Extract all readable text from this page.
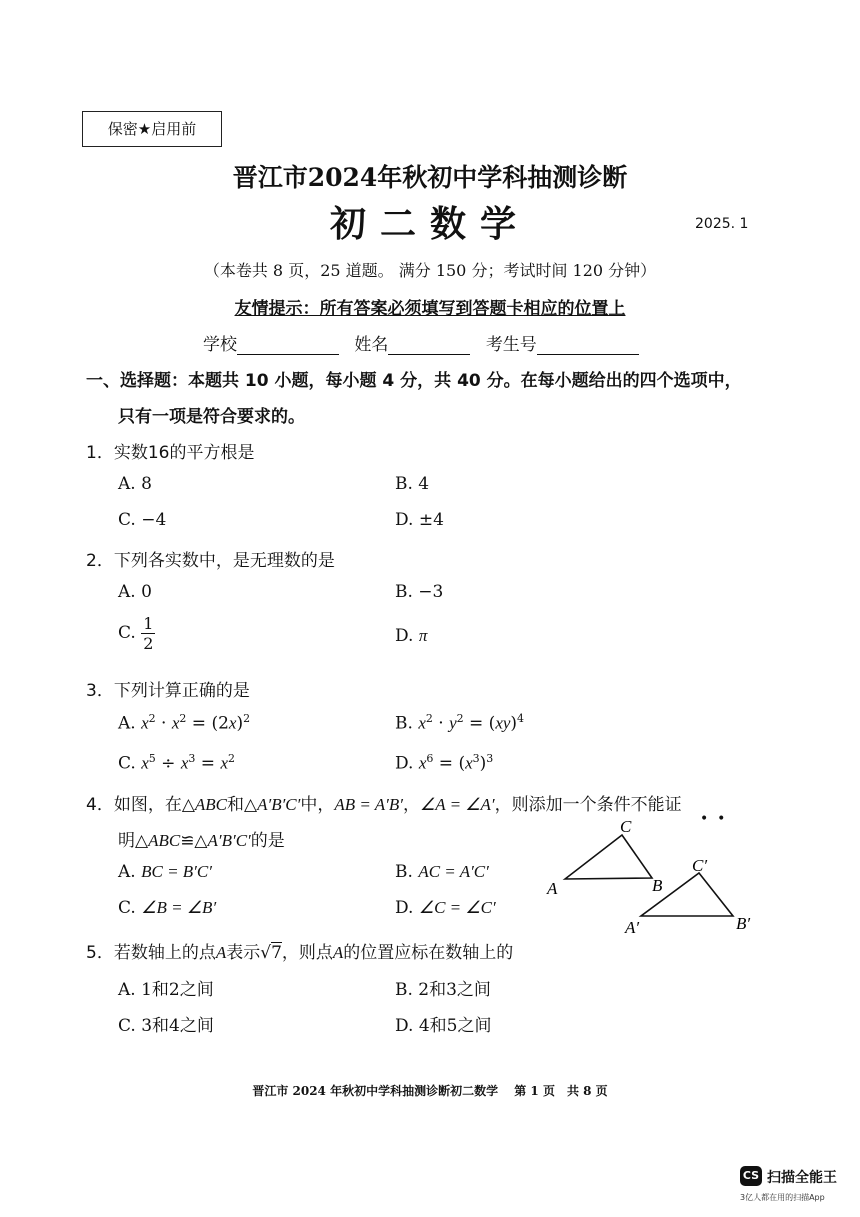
保密★启用前
晋江市2024年秋初中学科抽测诊断
初二数学	2025. 1
（本卷共 8 页，25 道题。 满分 150 分；考试时间 120 分钟）
友情提示：所有答案必须填写到答题卡相应的位置上
学校	姓名	考生号
一、选择题：本题共 10 小题，每小题 4 分，共 40 分。在每小题给出的四个选项中，
只有一项是符合要求的。
1．实数16的平方根是
A. 8	B. 4
C. −4	D. ±4
2．下列各实数中，是无理数的是
A. 0	B. −3
C. $\frac{1}{2}$	D. π
3．下列计算正确的是
A. $x^2 \cdot x^2 = (2x)^2$	B. $x^2 \cdot y^2 = (xy)^4$
C. $x^5 \div x^3 = x^2$	D. $x^6 = (x^3)^3$
4．如图，在△ABC和△A′B′C′中，AB = A′B′，∠A = ∠A′，则添加一个条件不能证
•  •
明△ABC≌△A′B′C′的是
A. BC = B′C′	B. AC = A′C′
C. ∠B = ∠B′	D. ∠C = ∠C′
C
A	B
C′
A′	B′
5．若数轴上的点A表示√7，则点A的位置应标在数轴上的
A. 1和2之间	B. 2和3之间
C. 3和4之间	D. 4和5之间
晋江市 2024 年秋初中学科抽测诊断初二数学　 第 1 页　共 8 页
CS 扫描全能王
3亿人都在用的扫描App
